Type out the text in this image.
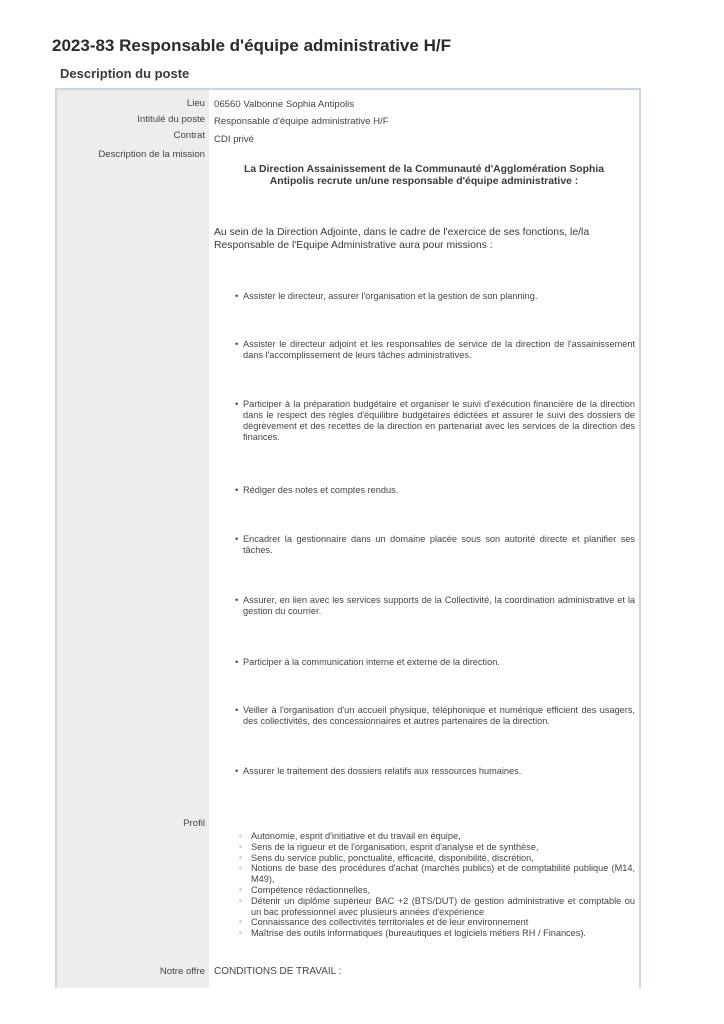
2023-83 Responsable d'équipe administrative H/F
Description du poste
Lieu 06560 Valbonne Sophia Antipolis
Intitulé du poste Responsable d'équipe administrative H/F
Contrat CDI privé
Description de la mission
La Direction Assainissement de la Communauté d'Agglomération Sophia
Antipolis recrute un/une responsable d'équipe administrative :
Au sein de la Direction Adjointe, dans le cadre de l'exercice de ses fonctions, le/la
Responsable de l'Equipe Administrative aura pour missions :
• Assister le directeur, assurer l'organisation et la gestion de son planning.
• Assister le directeur adjoint et les responsables de service de la direction de l'assainissement dans l'accomplissement de leurs tâches administratives.
• Participer à la préparation budgétaire et organiser le suivi d'exécution financière de la direction dans le respect des règles d'équilibre budgétaires édictées et assurer le suivi des dossiers de dégrèvement et des recettes de la direction en partenariat avec les services de la direction des finances.
• Rédiger des notes et comptes rendus.
• Encadrer la gestionnaire dans un domaine placée sous son autorité directe et planifier ses tâches.
• Assurer, en lien avec les services supports de la Collectivité, la coordination administrative et la gestion du courrier.
• Participer à la communication interne et externe de la direction.
• Veiller à l'organisation d'un accueil physique, téléphonique et numérique efficient des usagers, des collectivités, des concessionnaires et autres partenaires de la direction.
• Assurer le traitement des dossiers relatifs aux ressources humaines.
Profil
◦ Autonomie, esprit d'initiative et du travail en équipe,
◦ Sens de la rigueur et de l'organisation, esprit d'analyse et de synthèse,
◦ Sens du service public, ponctualité, efficacité, disponibilité, discrétion,
◦ Notions de base des procédures d'achat (marchés publics) et de comptabilité publique (M14, M49),
◦ Compétence rédactionnelles,
◦ Détenir un diplôme supérieur BAC +2 (BTS/DUT) de gestion administrative et comptable ou un bac professionnel avec plusieurs années d'expérience
◦ Connaissance des collectivités territoriales et de leur environnement
◦ Maîtrise des outils informatiques (bureautiques et logiciels métiers RH / Finances).
Notre offre CONDITIONS DE TRAVAIL :
